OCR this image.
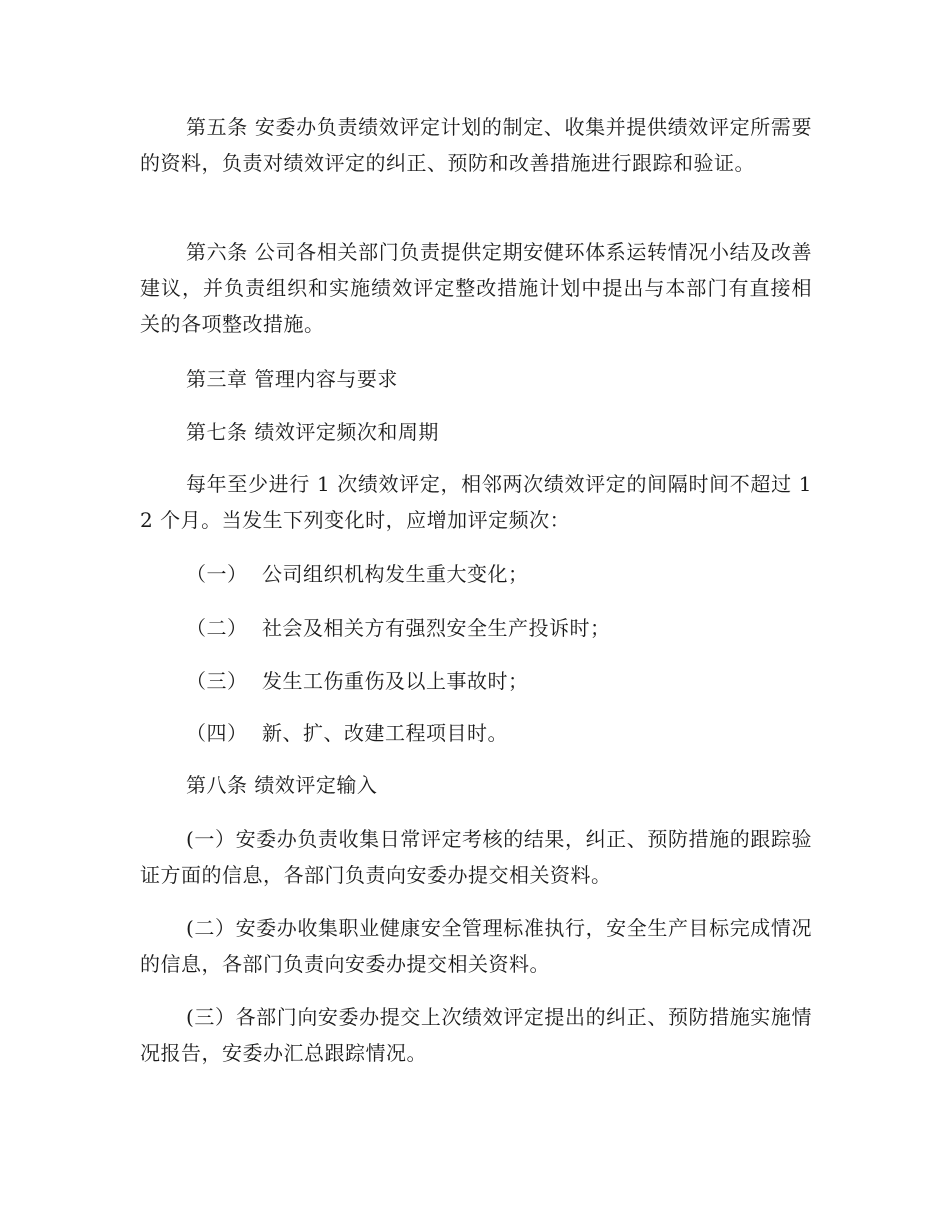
第五条 安委办负责绩效评定计划的制定、收集并提供绩效评定所需要的资料，负责对绩效评定的纠正、预防和改善措施进行跟踪和验证。

第六条 公司各相关部门负责提供定期安健环体系运转情况小结及改善建议，并负责组织和实施绩效评定整改措施计划中提出与本部门有直接相关的各项整改措施。

第三章 管理内容与要求

第七条 绩效评定频次和周期

每年至少进行 1 次绩效评定，相邻两次绩效评定的间隔时间不超过 12 个月。当发生下列变化时，应增加评定频次：

（一） 公司组织机构发生重大变化；

（二） 社会及相关方有强烈安全生产投诉时；

（三） 发生工伤重伤及以上事故时；

（四） 新、扩、改建工程项目时。

第八条 绩效评定输入

(一）安委办负责收集日常评定考核的结果，纠正、预防措施的跟踪验证方面的信息，各部门负责向安委办提交相关资料。

(二）安委办收集职业健康安全管理标准执行，安全生产目标完成情况的信息，各部门负责向安委办提交相关资料。

(三）各部门向安委办提交上次绩效评定提出的纠正、预防措施实施情况报告，安委办汇总跟踪情况。
